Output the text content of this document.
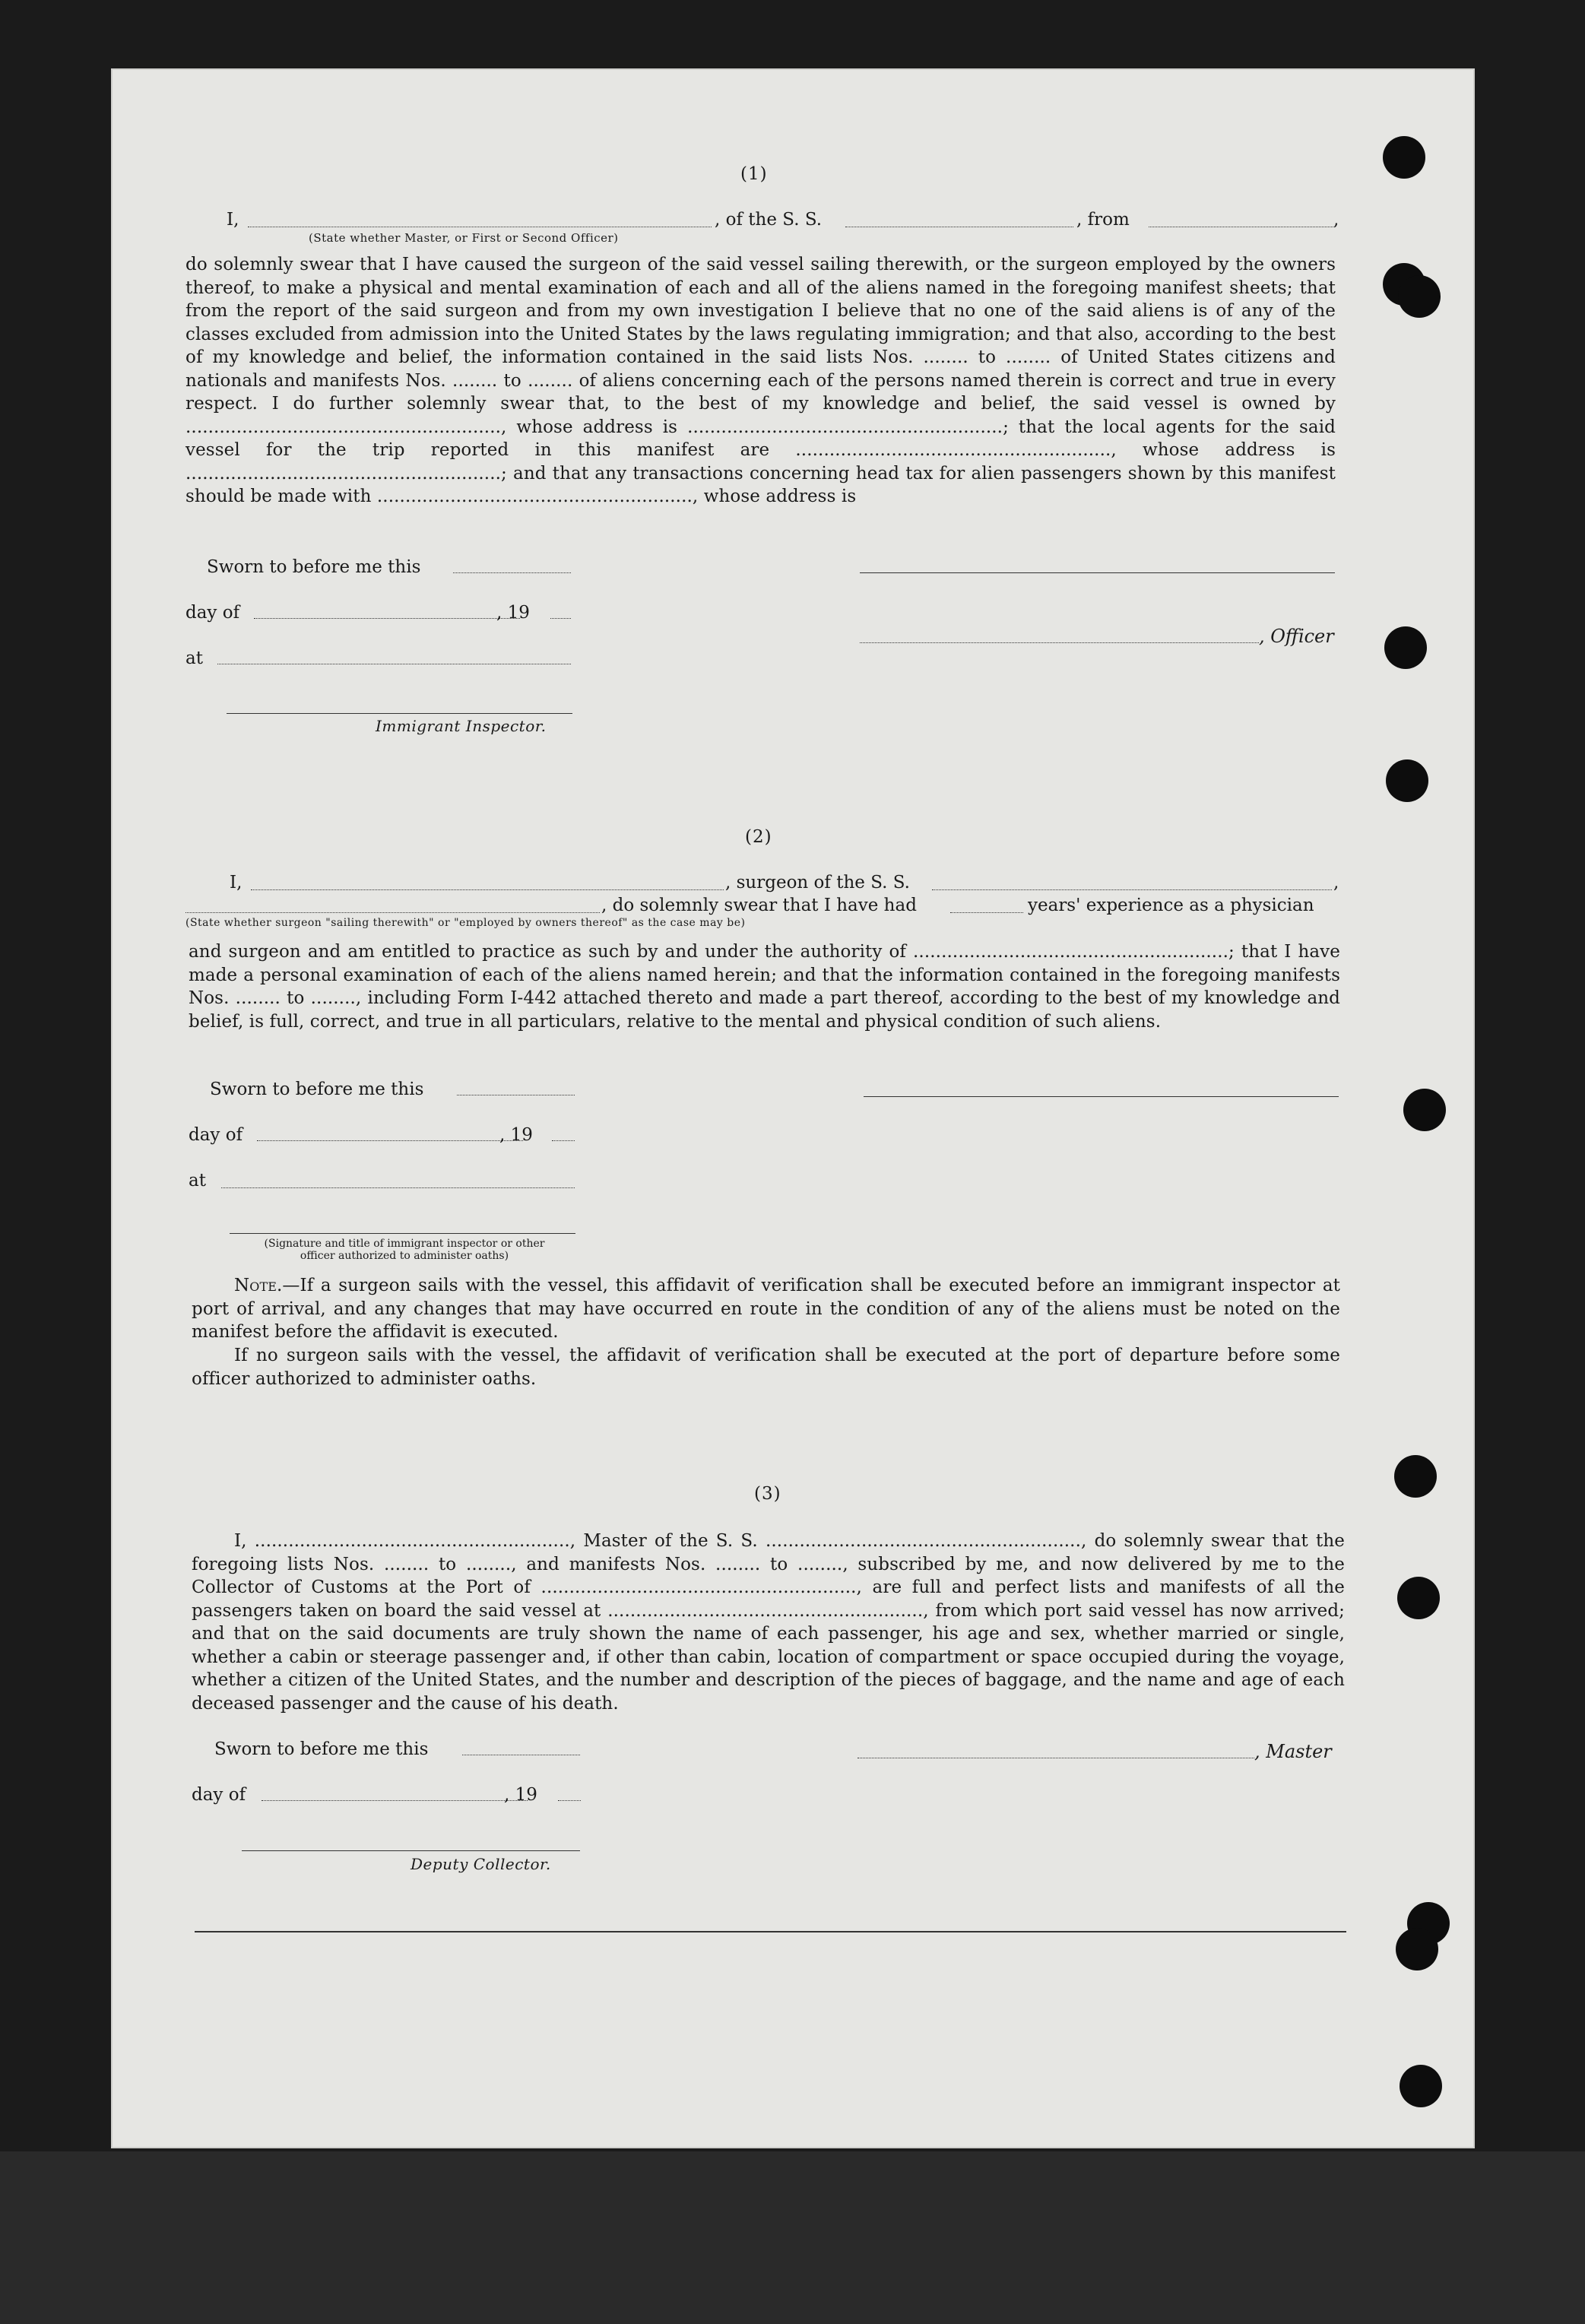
(1)
I,
(State whether Master, or First or Second Officer)
, of the S. S.	, from	,
do solemnly swear that I have caused the surgeon of the said vessel sailing therewith, or the surgeon employed by the owners thereof, to make a physical and mental examination of each and all of the aliens named in the foregoing manifest sheets; that from the report of the said surgeon and from my own investigation I believe that no one of the said aliens is of any of the classes excluded from admission into the United States by the laws regulating immigration; and that also, according to the best of my knowledge and belief, the information contained in the said lists Nos. ........ to ........ of United States citizens and nationals and manifests Nos. ........ to ........ of aliens concerning each of the persons named therein is correct and true in every respect. I do further solemnly swear that, to the best of my knowledge and belief, the said vessel is owned by ........................................................, whose address is ........................................................; that the local agents for the said vessel for the trip reported in this manifest are ........................................................, whose address is ........................................................; and that any transactions concerning head tax for alien passengers shown by this manifest should be made with ........................................................, whose address is
Sworn to before me this
day of	, 19
, Officer
at
Immigrant Inspector.
(2)
I,	, surgeon of the S. S.	,
, do solemnly swear that I have had	years' experience as a physician
(State whether surgeon "sailing therewith" or "employed by owners thereof" as the case may be)
and surgeon and am entitled to practice as such by and under the authority of ........................................................; that I have made a personal examination of each of the aliens named herein; and that the information contained in the foregoing manifests Nos. ........ to ........, including Form I-442 attached thereto and made a part thereof, according to the best of my knowledge and belief, is full, correct, and true in all particulars, relative to the mental and physical condition of such aliens.
Sworn to before me this
day of	, 19
at
(Signature and title of immigrant inspector or other officer authorized to administer oaths)
Note.—If a surgeon sails with the vessel, this affidavit of verification shall be executed before an immigrant inspector at port of arrival, and any changes that may have occurred en route in the condition of any of the aliens must be noted on the manifest before the affidavit is executed.
If no surgeon sails with the vessel, the affidavit of verification shall be executed at the port of departure before some officer authorized to administer oaths.
(3)
I, ........................................................, Master of the S. S. ........................................................, do solemnly swear that the foregoing lists Nos. ........ to ........, and manifests Nos. ........ to ........, subscribed by me, and now delivered by me to the Collector of Customs at the Port of ........................................................, are full and perfect lists and manifests of all the passengers taken on board the said vessel at ........................................................, from which port said vessel has now arrived; and that on the said documents are truly shown the name of each passenger, his age and sex, whether married or single, whether a cabin or steerage passenger and, if other than cabin, location of compartment or space occupied during the voyage, whether a citizen of the United States, and the number and description of the pieces of baggage, and the name and age of each deceased passenger and the cause of his death.
Sworn to before me this	, Master
day of	, 19
Deputy Collector.
